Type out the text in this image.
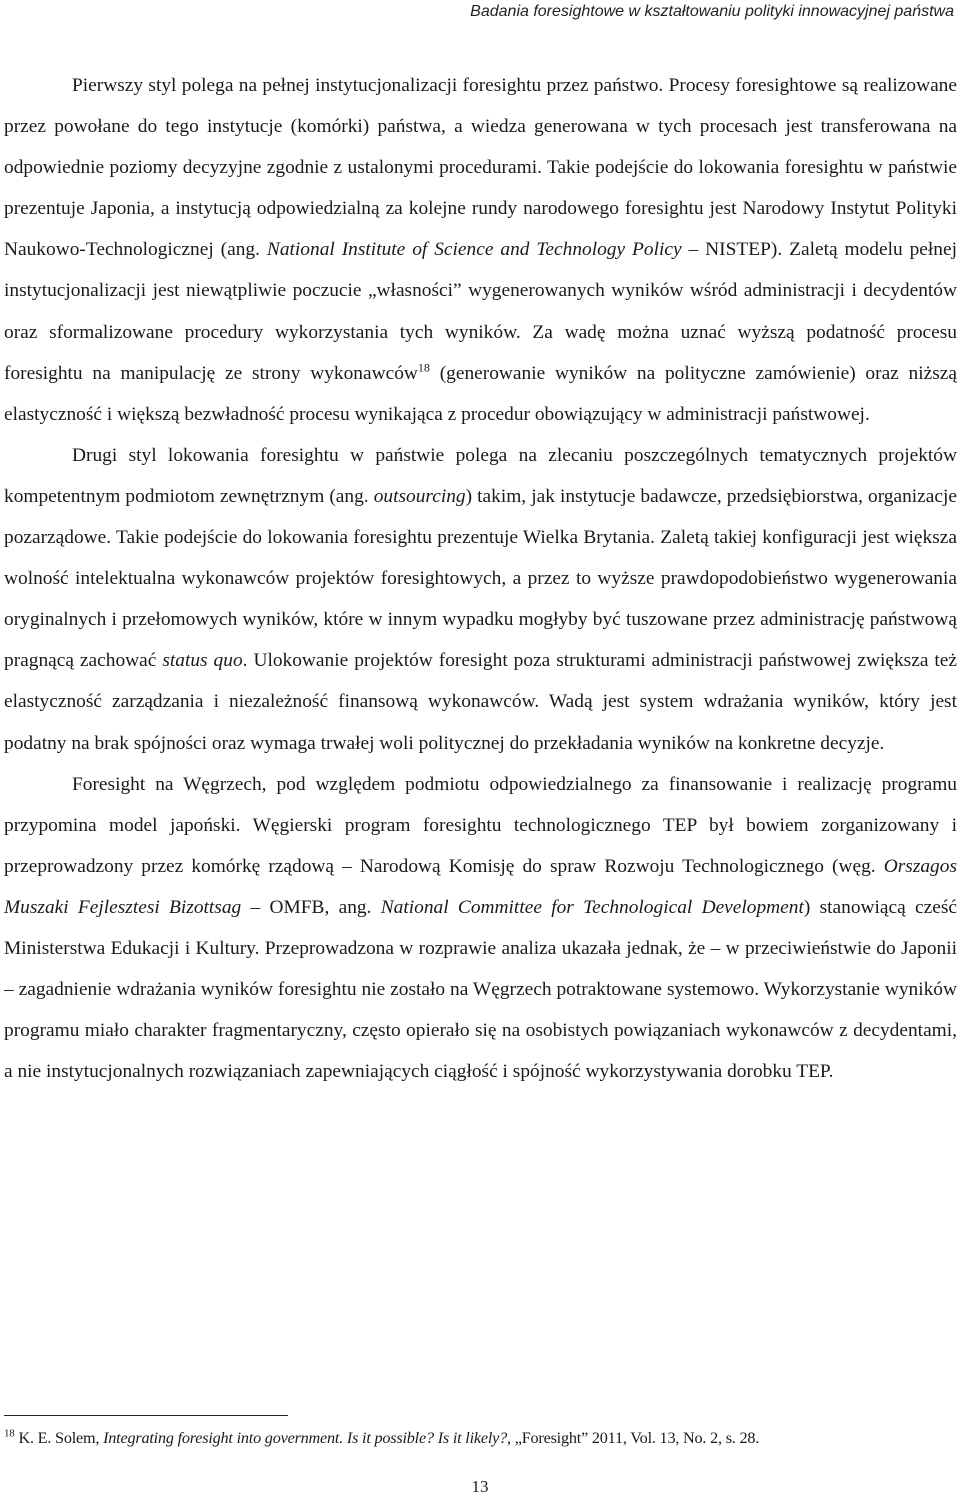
Badania foresightowe w kształtowaniu polityki innowacyjnej państwa

Pierwszy styl polega na pełnej instytucjonalizacji foresightu przez państwo. Procesy foresightowe są realizowane przez powołane do tego instytucje (komórki) państwa, a wiedza generowana w tych procesach jest transferowana na odpowiednie poziomy decyzyjne zgodnie z ustalonymi procedurami. Takie podejście do lokowania foresightu w państwie prezentuje Japonia, a instytucją odpowiedzialną za kolejne rundy narodowego foresightu jest Narodowy Instytut Polityki Naukowo-Technologicznej (ang. National Institute of Science and Technology Policy – NISTEP). Zaletą modelu pełnej instytucjonalizacji jest niewątpliwie poczucie „własności” wygenerowanych wyników wśród administracji i decydentów oraz sformalizowane procedury wykorzystania tych wyników. Za wadę można uznać wyższą podatność procesu foresightu na manipulację ze strony wykonawców$^{18}$ (generowanie wyników na polityczne zamówienie) oraz niższą elastyczność i większą bezwładność procesu wynikająca z procedur obowiązujący w administracji państwowej.

Drugi styl lokowania foresightu w państwie polega na zlecaniu poszczególnych tematycznych projektów kompetentnym podmiotom zewnętrznym (ang. outsourcing) takim, jak instytucje badawcze, przedsiębiorstwa, organizacje pozarządowe. Takie podejście do lokowania foresightu prezentuje Wielka Brytania. Zaletą takiej konfiguracji jest większa wolność intelektualna wykonawców projektów foresightowych, a przez to wyższe prawdopodobieństwo wygenerowania oryginalnych i przełomowych wyników, które w innym wypadku mogłyby być tuszowane przez administrację państwową pragnącą zachować status quo. Ulokowanie projektów foresight poza strukturami administracji państwowej zwiększa też elastyczność zarządzania i niezależność finansową wykonawców. Wadą jest system wdrażania wyników, który jest podatny na brak spójności oraz wymaga trwałej woli politycznej do przekładania wyników na konkretne decyzje.

Foresight na Węgrzech, pod względem podmiotu odpowiedzialnego za finansowanie i realizację programu przypomina model japoński. Węgierski program foresightu technologicznego TEP był bowiem zorganizowany i przeprowadzony przez komórkę rządową – Narodową Komisję do spraw Rozwoju Technologicznego (węg. Orszagos Muszaki Fejlesztesi Bizottsag – OMFB, ang. National Committee for Technological Development) stanowiącą cześć Ministerstwa Edukacji i Kultury. Przeprowadzona w rozprawie analiza ukazała jednak, że – w przeciwieństwie do Japonii – zagadnienie wdrażania wyników foresightu nie zostało na Węgrzech potraktowane systemowo. Wykorzystanie wyników programu miało charakter fragmentaryczny, często opierało się na osobistych powiązaniach wykonawców z decydentami, a nie instytucjonalnych rozwiązaniach zapewniających ciągłość i spójność wykorzystywania dorobku TEP.

$^{18}$ K. E. Solem, Integrating foresight into government. Is it possible? Is it likely?, „Foresight” 2011, Vol. 13, No. 2, s. 28.

13
